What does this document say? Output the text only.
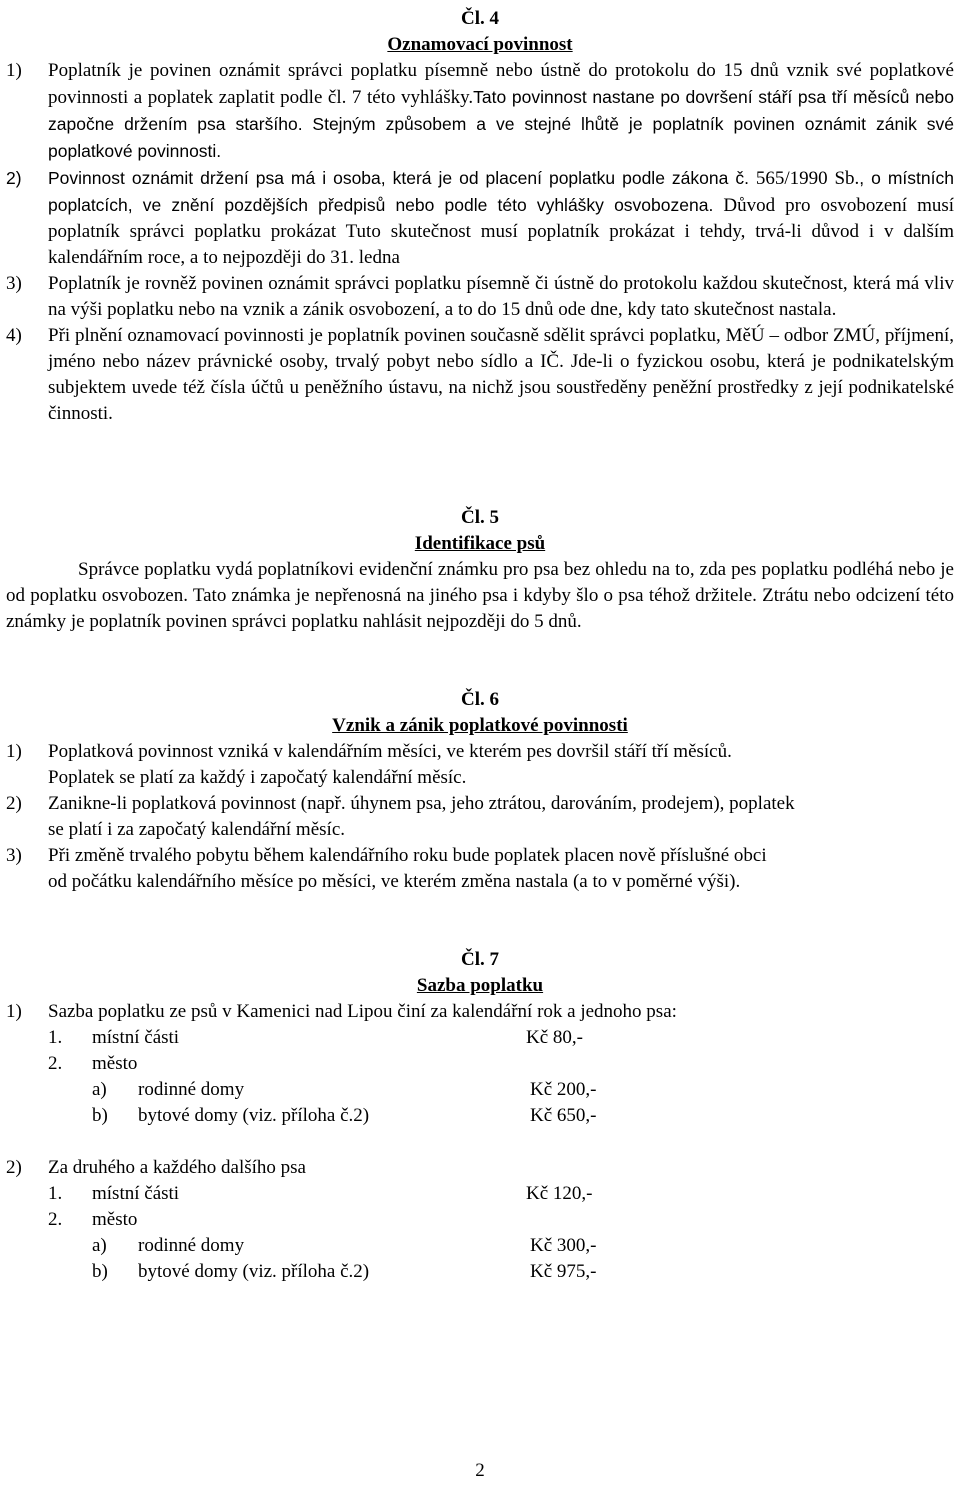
Čl. 4
Oznamovací povinnost
1) Poplatník je povinen oznámit správci poplatku písemně nebo ústně do protokolu do 15 dnů vznik své poplatkové povinnosti a poplatek zaplatit podle čl. 7 této vyhlášky.Tato povinnost nastane po dovršení stáří psa tří měsíců nebo započne držením psa staršího. Stejným způsobem a ve stejné lhůtě je poplatník povinen oznámit zánik své poplatkové povinnosti.
2) Povinnost oznámit držení psa má i osoba, která je od placení poplatku podle zákona č. 565/1990 Sb., o místních poplatcích, ve znění pozdějších předpisů nebo podle této vyhlášky osvobozena. Důvod pro osvobození musí poplatník správci poplatku prokázat Tuto skutečnost musí poplatník prokázat i tehdy, trvá-li důvod i v dalším kalendářním roce, a to nejpozději do 31. ledna
3) Poplatník je rovněž povinen oznámit správci poplatku písemně či ústně do protokolu každou skutečnost, která má vliv na výši poplatku nebo na vznik a zánik osvobození, a to do 15 dnů ode dne, kdy tato skutečnost nastala.
4) Při plnění oznamovací povinnosti je poplatník povinen současně sdělit správci poplatku, MěÚ – odbor ZMÚ, příjmení, jméno nebo název právnické osoby, trvalý pobyt nebo sídlo a IČ. Jde-li o fyzickou osobu, která je podnikatelským subjektem uvede též čísla účtů u peněžního ústavu, na nichž jsou soustředěny peněžní prostředky z její podnikatelské činnosti.
Čl. 5
Identifikace psů
Správce poplatku vydá poplatníkovi evidenční známku pro psa bez ohledu na to, zda pes poplatku podléhá nebo je od poplatku osvobozen. Tato známka je nepřenosná na jiného psa i kdyby šlo o psa téhož držitele. Ztrátu nebo odcizení této známky je poplatník povinen správci poplatku nahlásit nejpozději do 5 dnů.
Čl. 6
Vznik a zánik poplatkové povinnosti
1) Poplatková povinnost vzniká v kalendářním měsíci, ve kterém pes dovršil stáří tří měsíců.
Poplatek se platí za každý i započatý kalendářní měsíc.
2) Zanikne-li poplatková povinnost (např. úhynem psa, jeho ztrátou, darováním, prodejem), poplatek
se platí i za započatý kalendářní měsíc.
3) Při změně trvalého pobytu během kalendářního roku bude poplatek placen nově příslušné obci
od počátku kalendářního měsíce po měsíci, ve kterém změna nastala (a to v poměrné výši).
Čl. 7
Sazba poplatku
1) Sazba poplatku ze psů v Kamenici nad Lipou činí za kalendářní rok a jednoho psa:
1. místní části	Kč 80,-
2. město
a) rodinné domy	Kč 200,-
b) bytové domy (viz. příloha č.2)	Kč 650,-
2) Za druhého a každého dalšího psa
1. místní části	Kč 120,-
2. město
a) rodinné domy	Kč 300,-
b) bytové domy (viz. příloha č.2)	Kč 975,-
2
